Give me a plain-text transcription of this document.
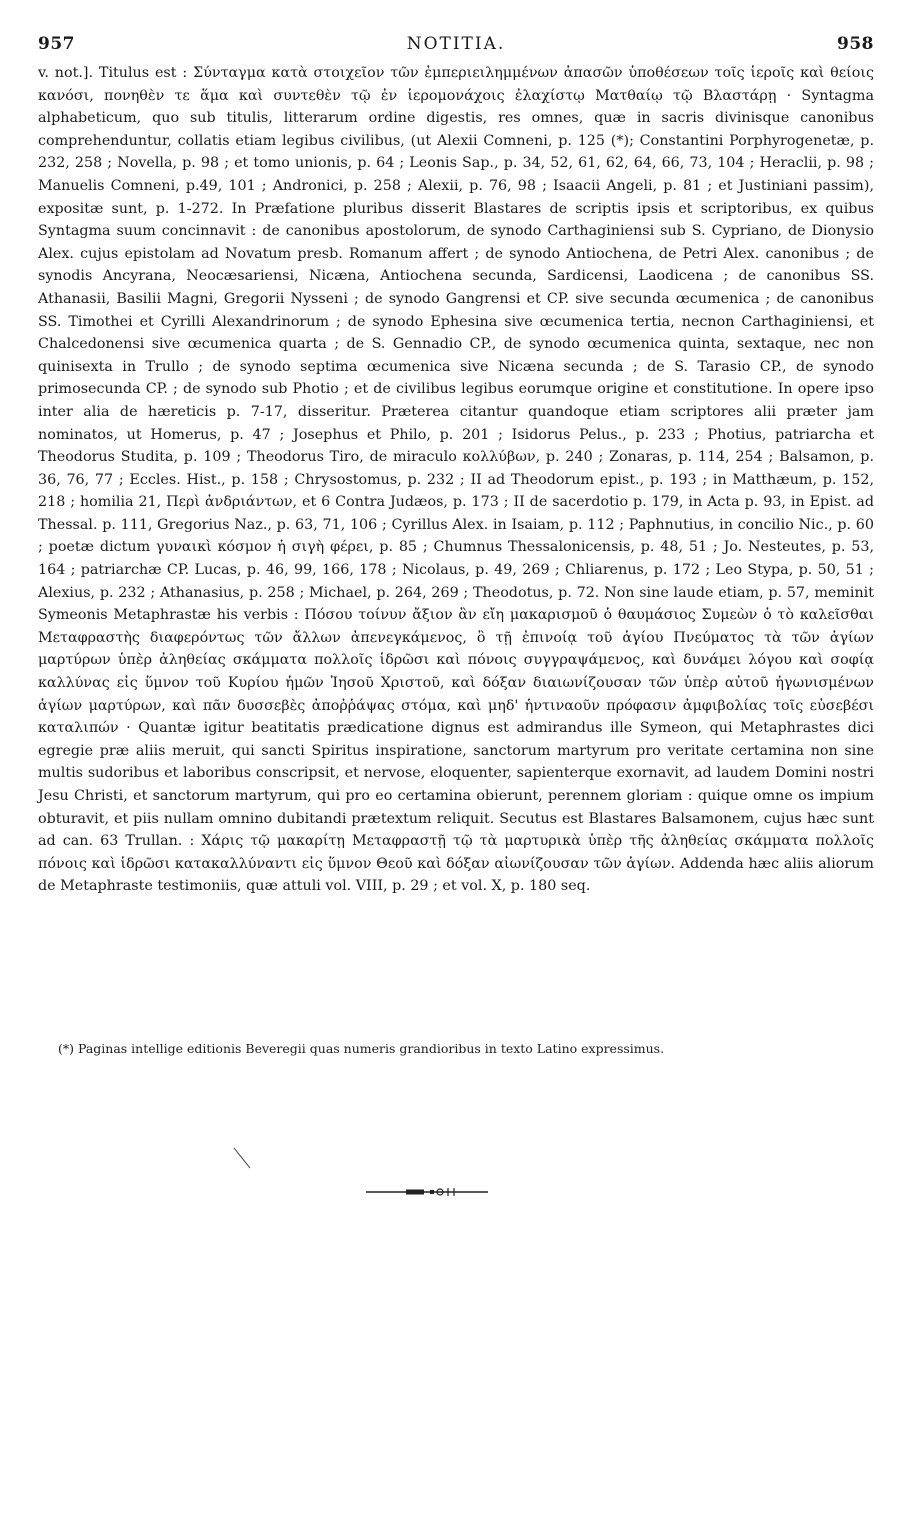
957	NOTITIA.	958

v. not.]. Titulus est : Σύνταγμα κατὰ στοιχεῖον τῶν ἐμπεριειλημμένων ἁπασῶν ὑποθέσεων τοῖς ἱεροῖς καὶ θείοις κανόσι, πονηθὲν τε ἅμα καὶ συντεθὲν τῷ ἐν ἱερομονάχοις ἐλαχίστῳ Ματθαίῳ τῷ Βλαστάρῃ · Syntagma alphabeticum, quo sub titulis, litterarum ordine digestis, res omnes, quæ in sacris divinisque canonibus comprehenduntur, collatis etiam legibus civilibus, (ut Alexii Comneni, p. 125 (*); Constantini Porphyrogenetæ, p. 232, 258 ; Novella, p. 98 ; et tomo unionis, p. 64 ; Leonis Sap., p. 34, 52, 61, 62, 64, 66, 73, 104 ; Heraclii, p. 98 ; Manuelis Comneni, p.49, 101 ; Andronici, p. 258 ; Alexii, p. 76, 98 ; Isaacii Angeli, p. 81 ; et Justiniani passim), expositæ sunt, p. 1-272. In Præfatione pluribus disserit Blastares de scriptis ipsis et scriptoribus, ex quibus Syntagma suum concinnavit : de canonibus apostolorum, de synodo Carthaginiensi sub S. Cypriano, de Dionysio Alex. cujus epistolam ad Novatum presb. Romanum affert ; de synodo Antiochena, de Petri Alex. canonibus ; de synodis Ancyrana, Neocæsariensi, Nicæna, Antiochena secunda, Sardicensi, Laodicena ; de canonibus SS. Athanasii, Basilii Magni, Gregorii Nysseni ; de synodo Gangrensi et CP. sive secunda œcumenica ; de canonibus SS. Timothei et Cyrilli Alexandrinorum ; de synodo Ephesina sive œcumenica tertia, necnon Carthaginiensi, et Chalcedonensi sive œcumenica quarta ; de S. Gennadio CP., de synodo œcumenica quinta, sextaque, nec non quinisexta in Trullo ; de synodo septima œcumenica sive Nicæna secunda ; de S. Tarasio CP., de synodo primosecunda CP. ; de synodo sub Photio ; et de civilibus legibus eorumque origine et constitutione. In opere ipso inter alia de hæreticis p. 7-17, disseritur. Præterea citantur quandoque etiam scriptores alii præter jam nominatos, ut Homerus, p. 47 ; Josephus et Philo, p. 201 ; Isidorus Pelus., p. 233 ; Photius, patriarcha et Theodorus Studita, p. 109 ; Theodorus Tiro, de miraculo κολλύβων, p. 240 ; Zonaras, p. 114, 254 ; Balsamon, p. 36, 76, 77 ; Eccles. Hist., p. 158 ; Chrysostomus, p. 232 ; II ad Theodorum epist., p. 193 ; in Matthæum, p. 152, 218 ; homilia 21, Περὶ ἀνδριάντων, et 6 Contra Judæos, p. 173 ; II de sacerdotio p. 179, in Acta p. 93, in Epist. ad Thessal. p. 111, Gregorius Naz., p. 63, 71, 106 ; Cyrillus Alex. in Isaiam, p. 112 ; Paphnutius, in concilio Nic., p. 60 ; poetæ dictum γυναικὶ κόσμον ἡ σιγὴ φέρει, p. 85 ; Chumnus Thessalonicensis, p. 48, 51 ; Jo. Nesteutes, p. 53, 164 ; patriarchæ CP. Lucas, p. 46, 99, 166, 178 ; Nicolaus, p. 49, 269 ; Chliarenus, p. 172 ; Leo Stypa, p. 50, 51 ; Alexius, p. 232 ; Athanasius, p. 258 ; Michael, p. 264, 269 ; Theodotus, p. 72. Non sine laude etiam, p. 57, meminit Symeonis Metaphrastæ his verbis : Πόσου τοίνυν ἄξιον ἂν εἴη μακαρισμοῦ ὁ θαυμάσιος Συμεὼν ὁ τὸ καλεῖσθαι Μεταφραστὴς διαφερόντως τῶν ἄλλων ἀπενεγκάμενος, ὃ τῇ ἐπινοίᾳ τοῦ ἁγίου Πνεύματος τὰ τῶν ἁγίων μαρτύρων ὑπὲρ ἀληθείας σκάμματα πολλοῖς ἱδρῶσι καὶ πόνοις συγγραψάμενος, καὶ δυνάμει λόγου καὶ σοφίᾳ καλλύνας εἰς ὕμνον τοῦ Κυρίου ἡμῶν Ἰησοῦ Χριστοῦ, καὶ δόξαν διαιωνίζουσαν τῶν ὑπὲρ αὐτοῦ ἠγωνισμένων ἁγίων μαρτύρων, καὶ πᾶν δυσσεβὲς ἀποῤῥάψας στόμα, καὶ μηδ' ἡντιναοῦν πρόφασιν ἀμφιβολίας τοῖς εὐσεβέσι καταλιπών · Quantæ igitur beatitatis prædicatione dignus est admirandus ille Symeon, qui Metaphrastes dici egregie præ aliis meruit, qui sancti Spiritus inspiratione, sanctorum martyrum pro veritate certamina non sine multis sudoribus et laboribus conscripsit, et nervose, eloquenter, sapienterque exornavit, ad laudem Domini nostri Jesu Christi, et sanctorum martyrum, qui pro eo certamina obierunt, perennem gloriam : quique omne os impium obturavit, et piis nullam omnino dubitandi prætextum reliquit. Secutus est Blastares Balsamonem, cujus hæc sunt ad can. 63 Trullan. : Χάρις τῷ μακαρίτῃ Μεταφραστῇ τῷ τὰ μαρτυρικὰ ὑπὲρ τῆς ἀληθείας σκάμματα πολλοῖς πόνοις καὶ ἱδρῶσι κατακαλλύναντι εἰς ὕμνον Θεοῦ καὶ δόξαν αἰωνίζουσαν τῶν ἁγίων. Addenda hæc aliis aliorum de Metaphraste testimoniis, quæ attuli vol. VIII, p. 29 ; et vol. X, p. 180 seq.

(*) Paginas intellige editionis Beveregii quas numeris grandioribus in texto Latino expressimus.
